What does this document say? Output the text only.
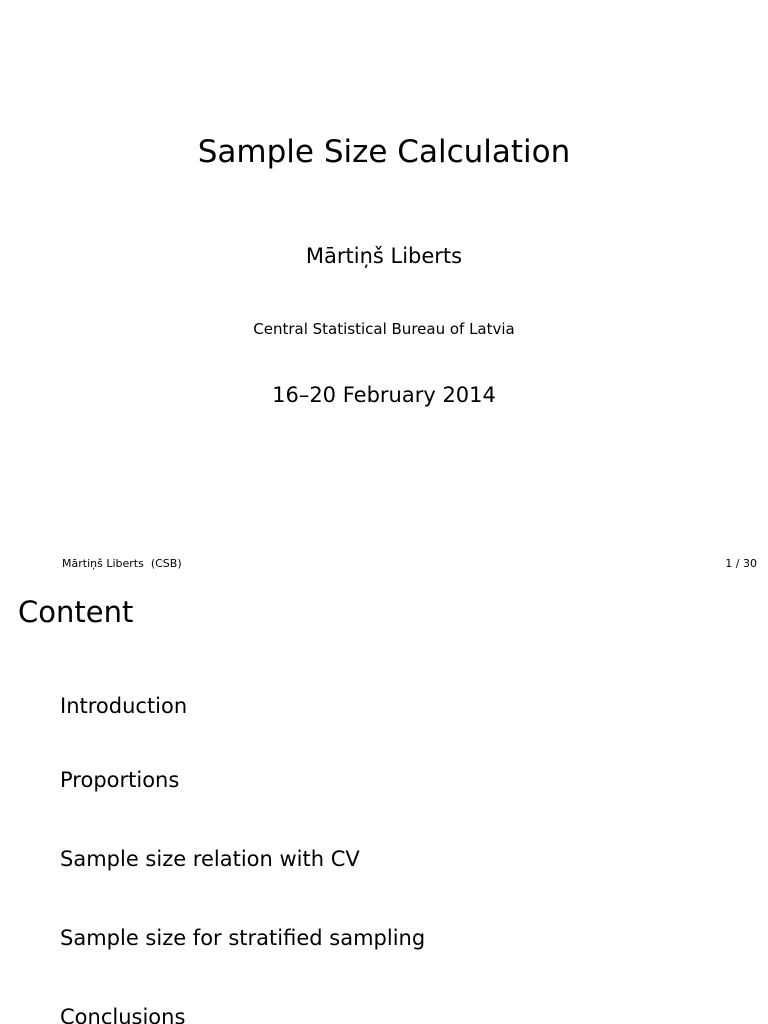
Sample Size Calculation
Mārtiņš Liberts
Central Statistical Bureau of Latvia
16–20 February 2014
Mārtiņš Liberts  (CSB)	1 / 30
Content
Introduction
Proportions
Sample size relation with CV
Sample size for stratified sampling
Conclusions
